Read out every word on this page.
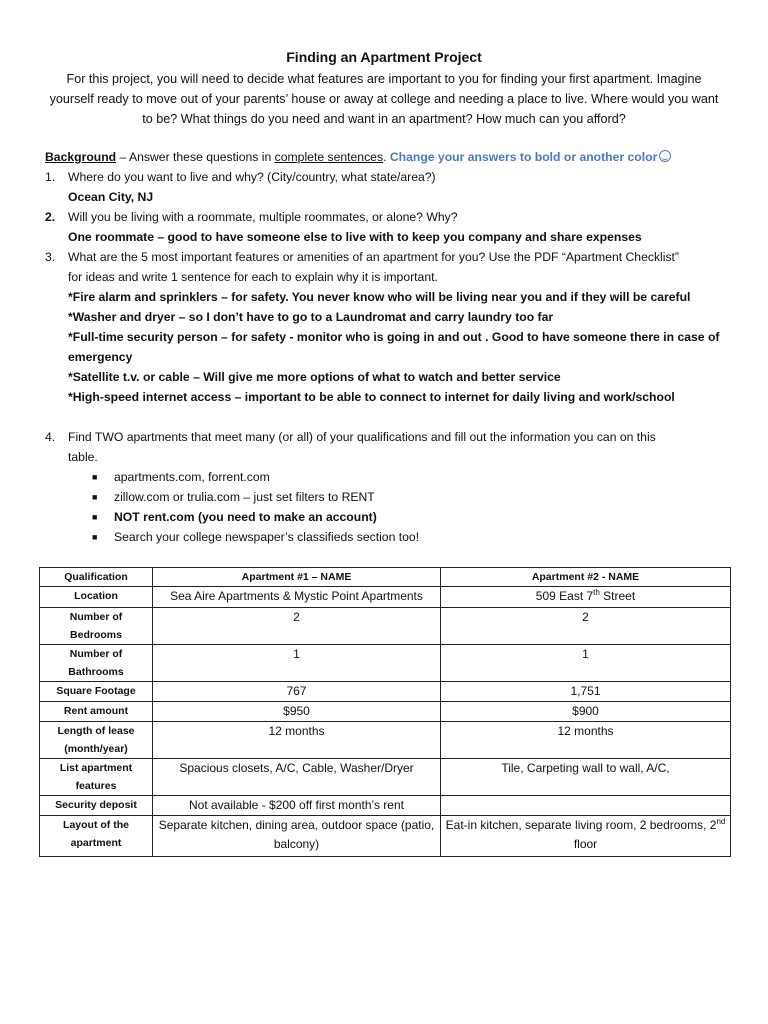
Finding an Apartment Project
For this project, you will need to decide what features are important to you for finding your first apartment. Imagine
yourself ready to move out of your parents’ house or away at college and needing a place to live. Where would you want
to be? What things do you need and want in an apartment? How much can you afford?
Background – Answer these questions in complete sentences. Change your answers to bold or another color
1. Where do you want to live and why? (City/country, what state/area?)
Ocean City, NJ
2. Will you be living with a roommate, multiple roommates, or alone? Why?
One roommate – good to have someone else to live with to keep you company and share expenses
3. What are the 5 most important features or amenities of an apartment for you? Use the PDF “Apartment Checklist”
for ideas and write 1 sentence for each to explain why it is important.
*Fire alarm and sprinklers – for safety. You never know who will be living near you and if they will be careful
*Washer and dryer – so I don’t have to go to a Laundromat and carry laundry too far
*Full-time security person – for safety - monitor who is going in and out . Good to have someone there in case of
emergency
*Satellite t.v. or cable – Will give me more options of what to watch and better service
*High-speed internet access – important to be able to connect to internet for daily living and work/school
4. Find TWO apartments that meet many (or all) of your qualifications and fill out the information you can on this
table.
■ apartments.com, forrent.com
■ zillow.com or trulia.com – just set filters to RENT
■ NOT rent.com (you need to make an account)
■ Search your college newspaper’s classifieds section too!
Qualification	Apartment #1 – NAME	Apartment #2 - NAME
Location	Sea Aire Apartments & Mystic Point Apartments	509 East 7th Street
Number of Bedrooms	2	2
Number of Bathrooms	1	1
Square Footage	767	1,751
Rent amount	$950	$900
Length of lease (month/year)	12 months	12 months
List apartment features	Spacious closets, A/C, Cable, Washer/Dryer	Tile, Carpeting wall to wall, A/C,
Security deposit	Not available - $200 off first month’s rent	
Layout of the apartment	Separate kitchen, dining area, outdoor space (patio, balcony)	Eat-in kitchen, separate living room, 2 bedrooms, 2nd floor
